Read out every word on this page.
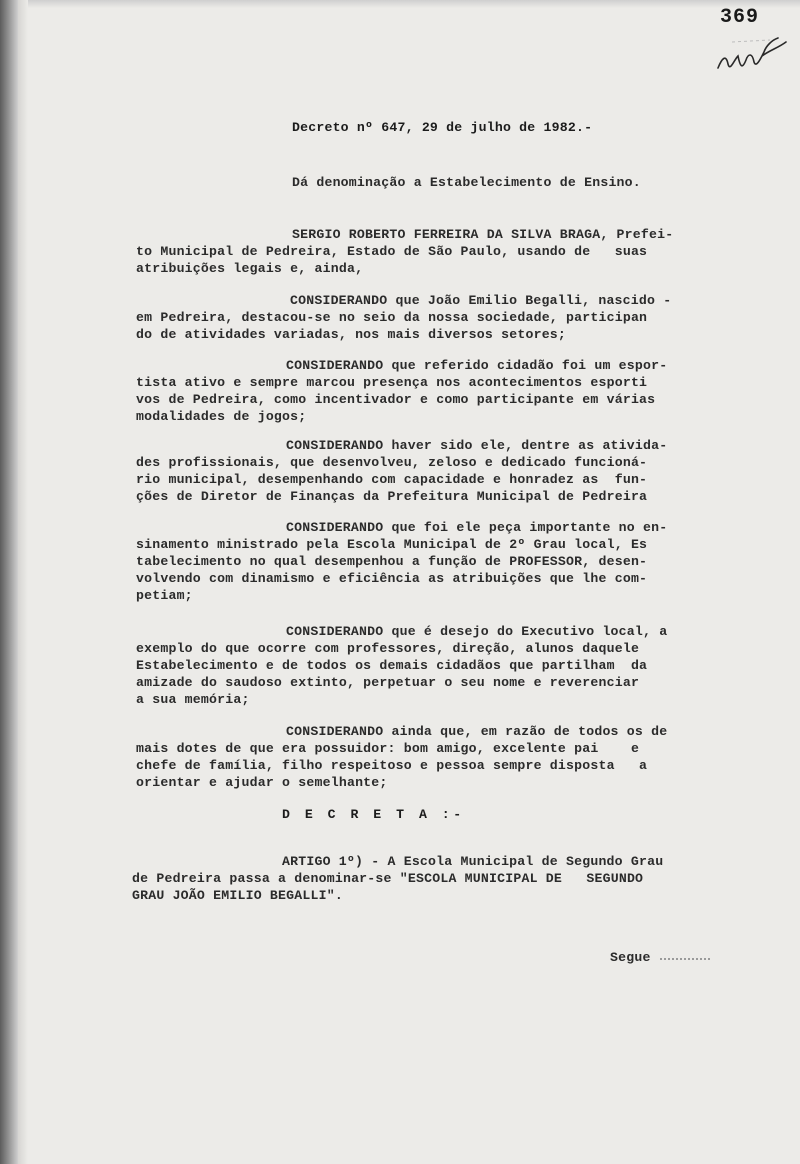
369
Decreto nº 647, 29 de julho de 1982.-
Dá denominação a Estabelecimento de Ensino.
SERGIO ROBERTO FERREIRA DA SILVA BRAGA, Prefei-
to Municipal de Pedreira, Estado de São Paulo, usando de   suas
atribuições legais e, ainda,
CONSIDERANDO que João Emilio Begalli, nascido -
em Pedreira, destacou-se no seio da nossa sociedade, participan
do de atividades variadas, nos mais diversos setores;
CONSIDERANDO que referido cidadão foi um espor-
tista ativo e sempre marcou presença nos acontecimentos esporti
vos de Pedreira, como incentivador e como participante em várias
modalidades de jogos;
CONSIDERANDO haver sido ele, dentre as ativida-
des profissionais, que desenvolveu, zeloso e dedicado funcioná-
rio municipal, desempenhando com capacidade e honradez as  fun-
ções de Diretor de Finanças da Prefeitura Municipal de Pedreira
CONSIDERANDO que foi ele peça importante no en-
sinamento ministrado pela Escola Municipal de 2º Grau local, Es
tabelecimento no qual desempenhou a função de PROFESSOR, desen-
volvendo com dinamismo e eficiência as atribuições que lhe com-
petiam;
CONSIDERANDO que é desejo do Executivo local, a
exemplo do que ocorre com professores, direção, alunos daquele
Estabelecimento e de todos os demais cidadãos que partilham  da
amizade do saudoso extinto, perpetuar o seu nome e reverenciar
a sua memória;
CONSIDERANDO ainda que, em razão de todos os de
mais dotes de que era possuidor: bom amigo, excelente pai    e
chefe de família, filho respeitoso e pessoa sempre disposta   a
orientar e ajudar o semelhante;
D E C R E T A :-
ARTIGO 1º) - A Escola Municipal de Segundo Grau
de Pedreira passa a denominar-se "ESCOLA MUNICIPAL DE   SEGUNDO
GRAU JOÃO EMILIO BEGALLI".
Segue
